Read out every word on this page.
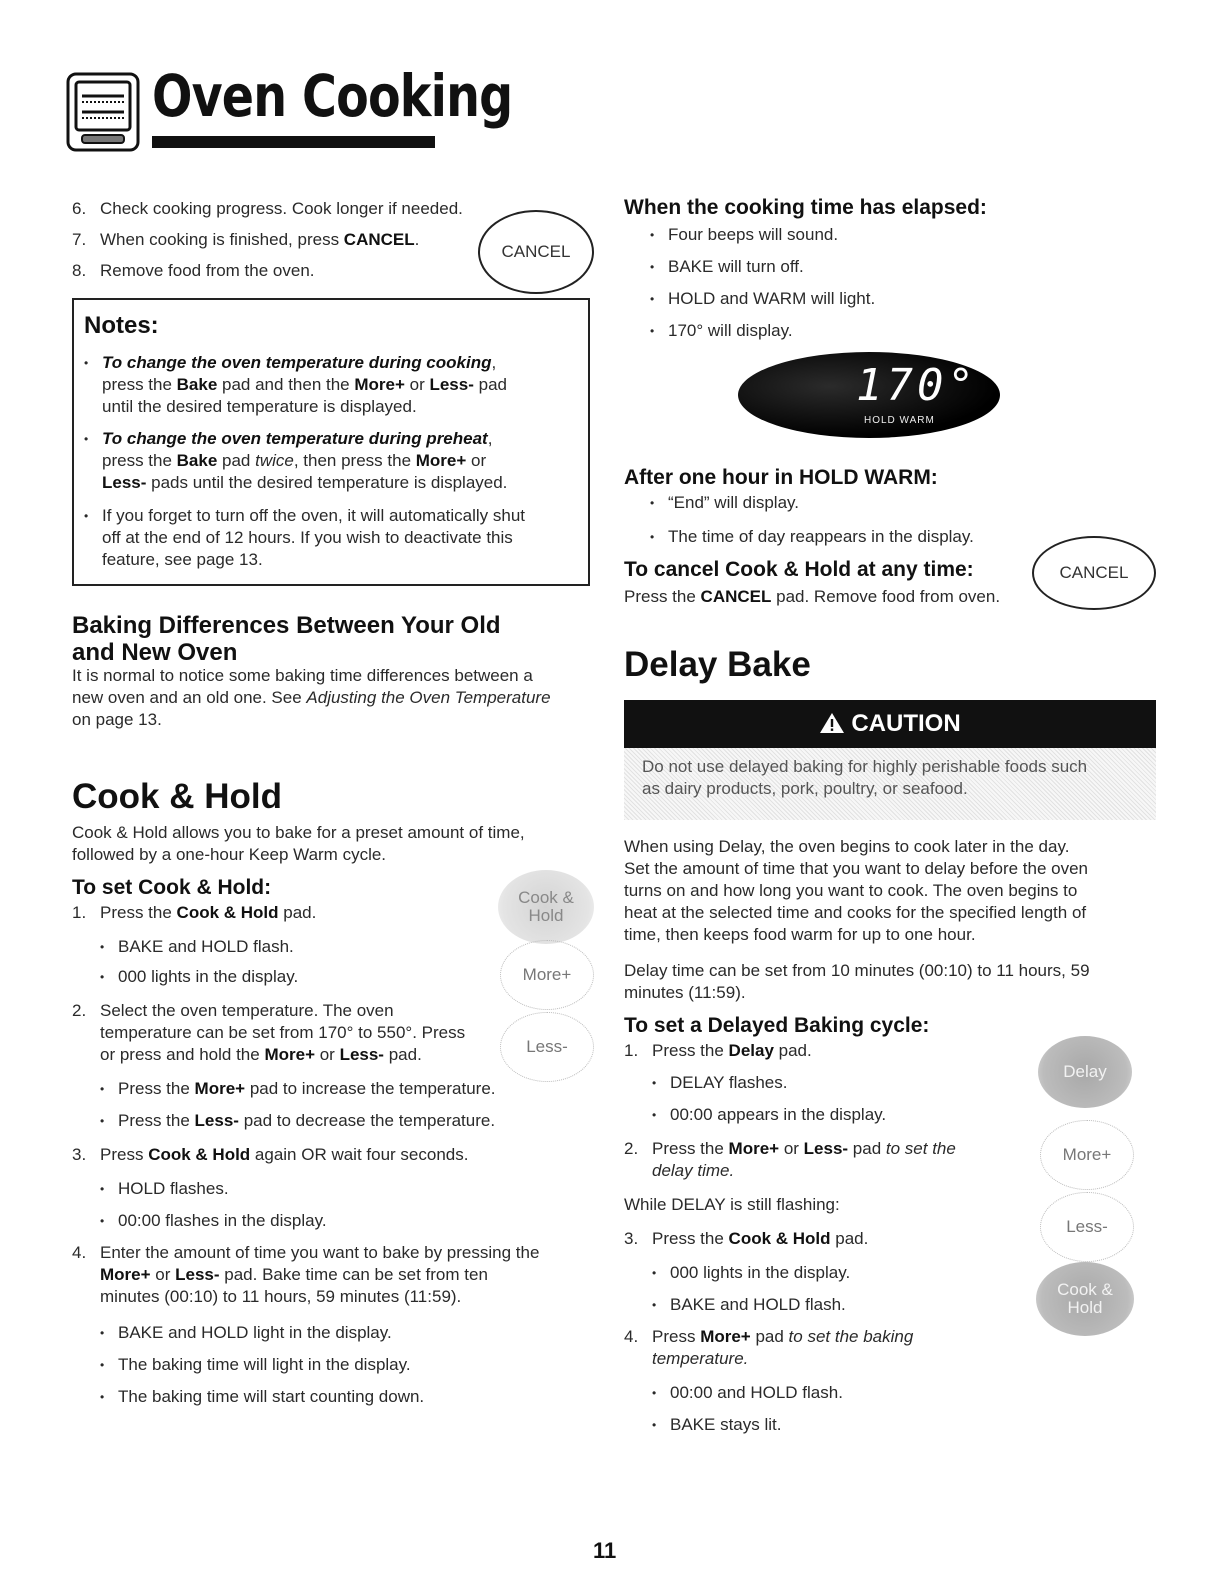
Oven Cooking
6. Check cooking progress. Cook longer if needed.
7. When cooking is finished, press CANCEL.
8. Remove food from the oven.
CANCEL
Notes:
• To change the oven temperature during cooking,
press the Bake pad and then the More+ or Less- pad
until the desired temperature is displayed.
• To change the oven temperature during preheat,
press the Bake pad twice, then press the More+ or
Less- pads until the desired temperature is displayed.
• If you forget to turn off the oven, it will automatically shut
off at the end of 12 hours. If you wish to deactivate this
feature, see page 13.
Baking Differences Between Your Old
and New Oven
It is normal to notice some baking time differences between a
new oven and an old one. See Adjusting the Oven Temperature
on page 13.
Cook & Hold
Cook & Hold allows you to bake for a preset amount of time,
followed by a one-hour Keep Warm cycle.
To set Cook & Hold:
1. Press the Cook & Hold pad.
• BAKE and HOLD flash.
• 000 lights in the display.
2. Select the oven temperature. The oven
temperature can be set from 170° to 550°. Press
or press and hold the More+ or Less- pad.
• Press the More+ pad to increase the temperature.
• Press the Less- pad to decrease the temperature.
3. Press Cook & Hold again OR wait four seconds.
• HOLD flashes.
• 00:00 flashes in the display.
4. Enter the amount of time you want to bake by pressing the
More+ or Less- pad. Bake time can be set from ten
minutes (00:10) to 11 hours, 59 minutes (11:59).
• BAKE and HOLD light in the display.
• The baking time will light in the display.
• The baking time will start counting down.
Cook & Hold
More+
Less-
When the cooking time has elapsed:
• Four beeps will sound.
• BAKE will turn off.
• HOLD and WARM will light.
• 170° will display.
170°
HOLD WARM
After one hour in HOLD WARM:
• “End” will display.
• The time of day reappears in the display.
To cancel Cook & Hold at any time:
Press the CANCEL pad. Remove food from oven.
CANCEL
Delay Bake
CAUTION
Do not use delayed baking for highly perishable foods such
as dairy products, pork, poultry, or seafood.
When using Delay, the oven begins to cook later in the day.
Set the amount of time that you want to delay before the oven
turns on and how long you want to cook. The oven begins to
heat at the selected time and cooks for the specified length of
time, then keeps food warm for up to one hour.
Delay time can be set from 10 minutes (00:10) to 11 hours, 59
minutes (11:59).
To set a Delayed Baking cycle:
1. Press the Delay pad.
• DELAY flashes.
• 00:00 appears in the display.
2. Press the More+ or Less- pad to set the
delay time.
While DELAY is still flashing:
3. Press the Cook & Hold pad.
• 000 lights in the display.
• BAKE and HOLD flash.
4. Press More+ pad to set the baking
temperature.
• 00:00 and HOLD flash.
• BAKE stays lit.
Delay
More+
Less-
Cook & Hold
11
